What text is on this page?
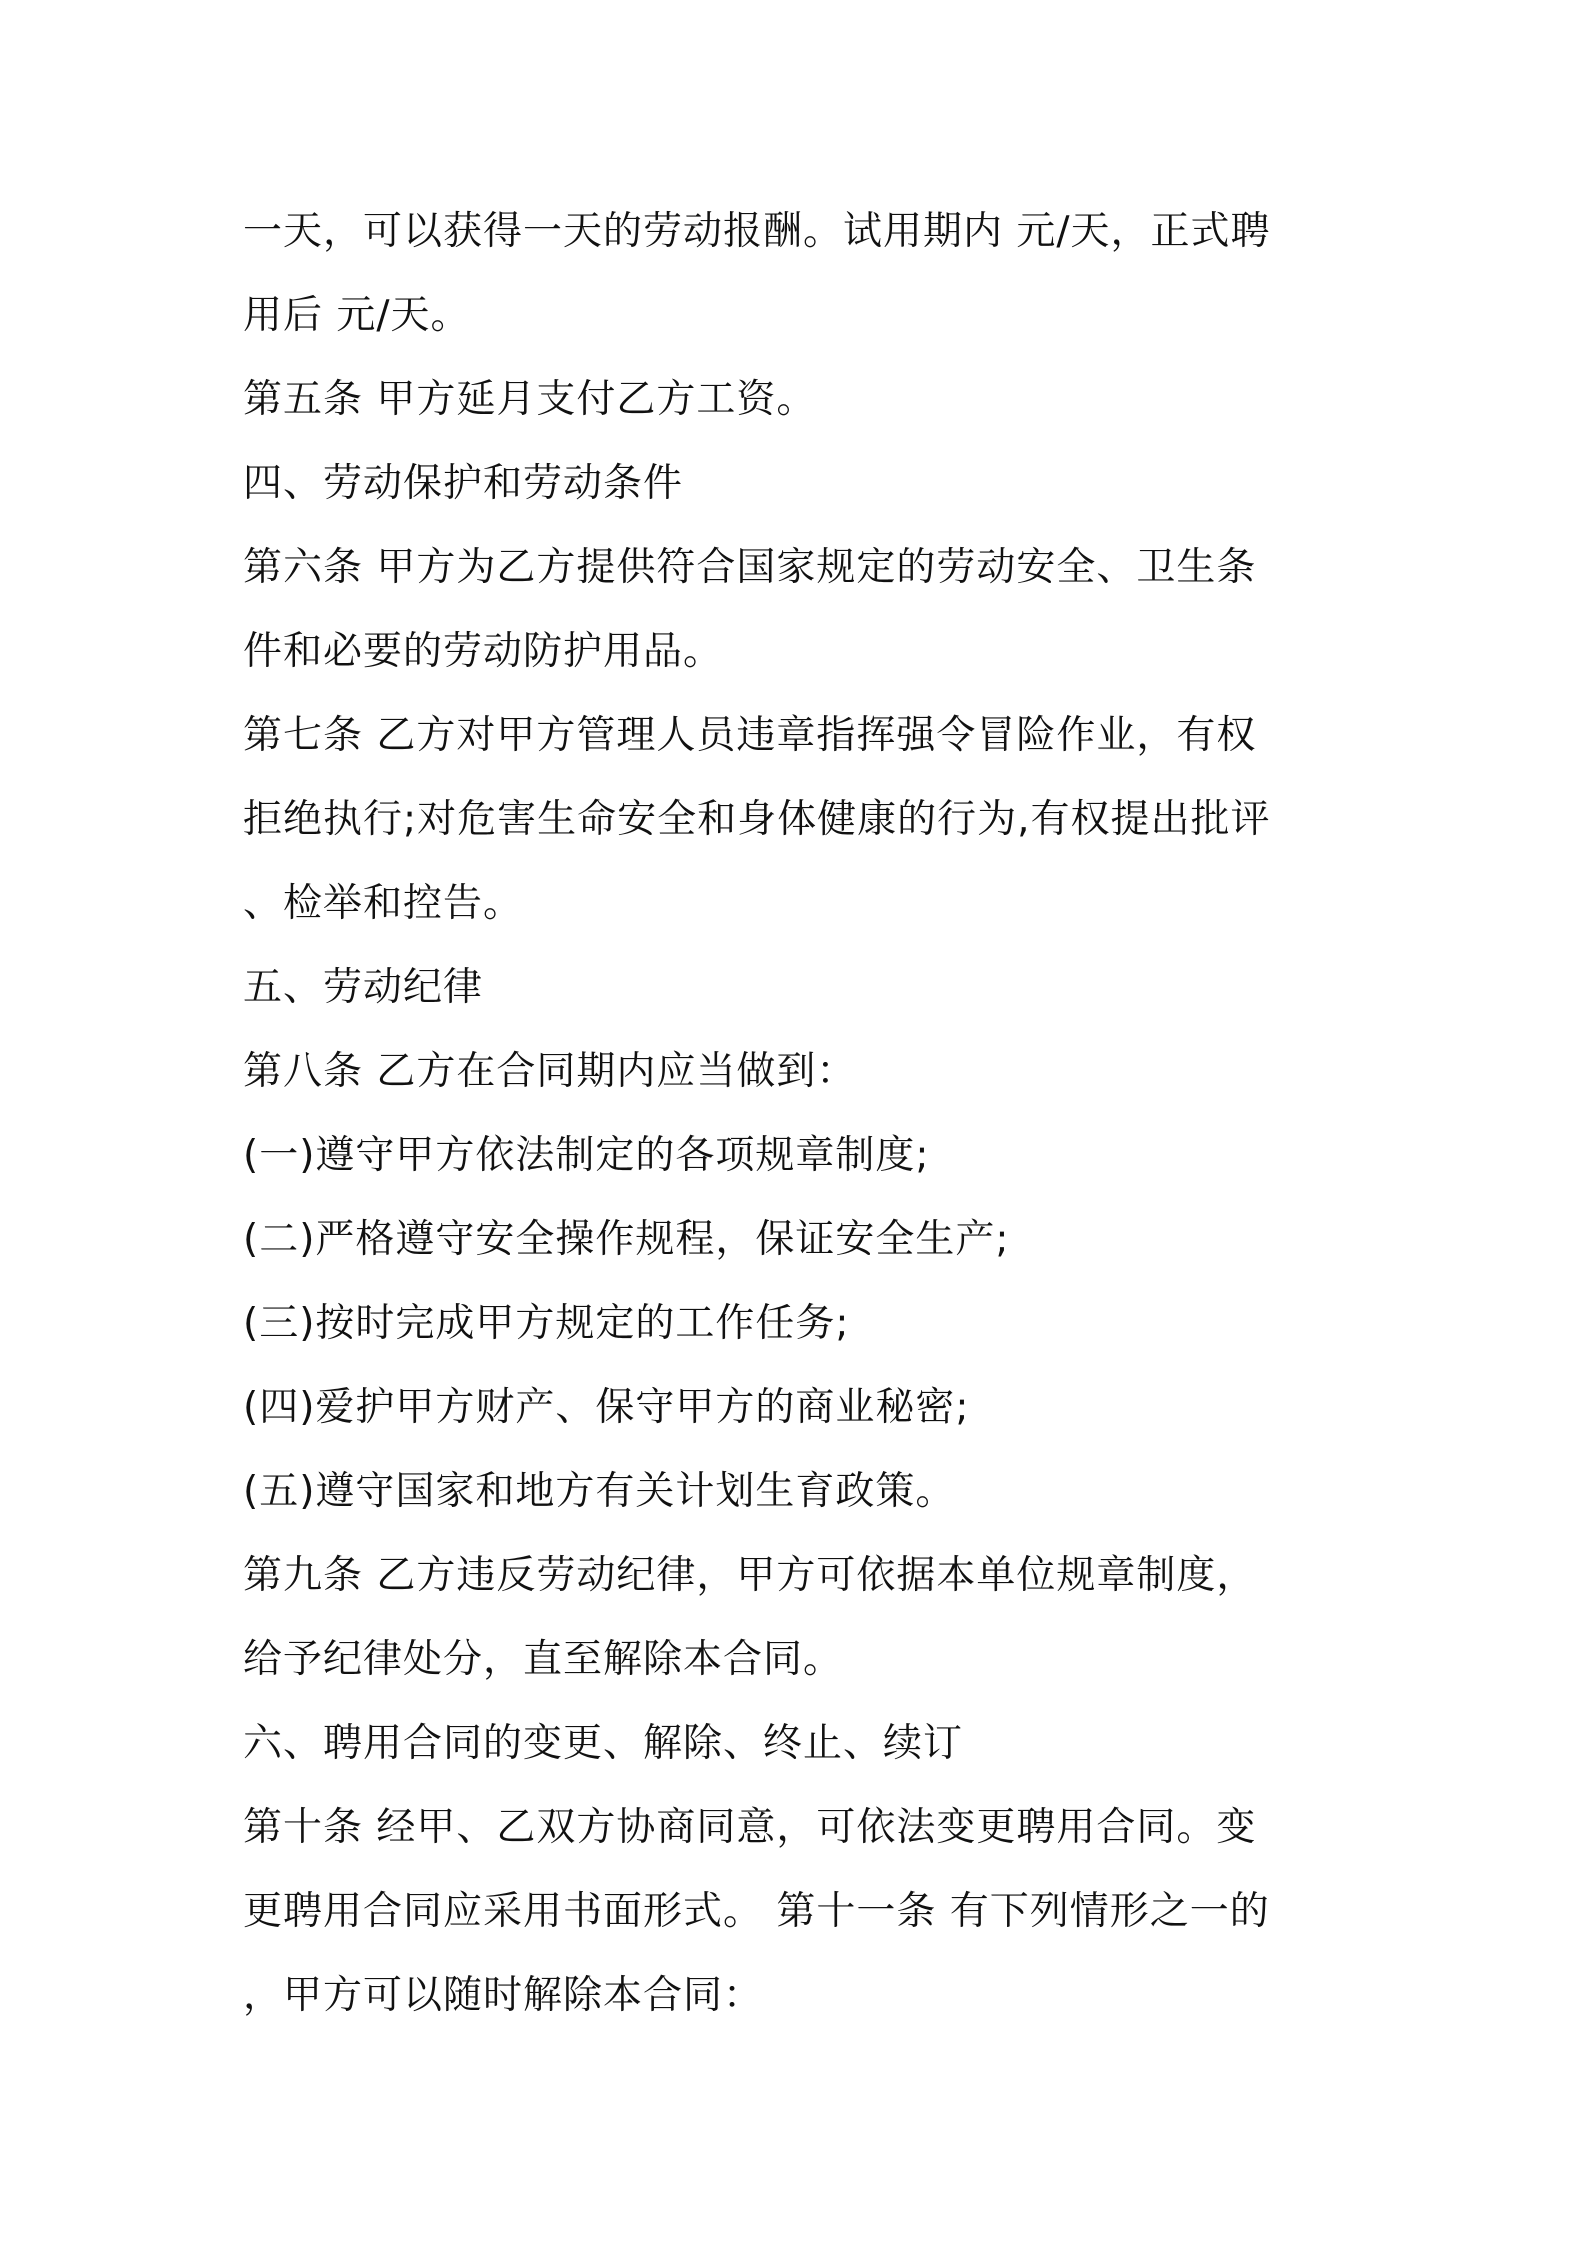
一天，可以获得一天的劳动报酬。试用期内 元/天，正式聘
用后 元/天。
第五条 甲方延月支付乙方工资。
四、劳动保护和劳动条件
第六条 甲方为乙方提供符合国家规定的劳动安全、卫生条
件和必要的劳动防护用品。
第七条 乙方对甲方管理人员违章指挥强令冒险作业，有权
拒绝执行;对危害生命安全和身体健康的行为,有权提出批评
、检举和控告。
五、劳动纪律
第八条 乙方在合同期内应当做到：
(一)遵守甲方依法制定的各项规章制度;
(二)严格遵守安全操作规程，保证安全生产;
(三)按时完成甲方规定的工作任务;
(四)爱护甲方财产、保守甲方的商业秘密;
(五)遵守国家和地方有关计划生育政策。
第九条 乙方违反劳动纪律，甲方可依据本单位规章制度，
给予纪律处分，直至解除本合同。
六、聘用合同的变更、解除、终止、续订
第十条 经甲、乙双方协商同意，可依法变更聘用合同。变
更聘用合同应采用书面形式。 第十一条 有下列情形之一的
，甲方可以随时解除本合同：
